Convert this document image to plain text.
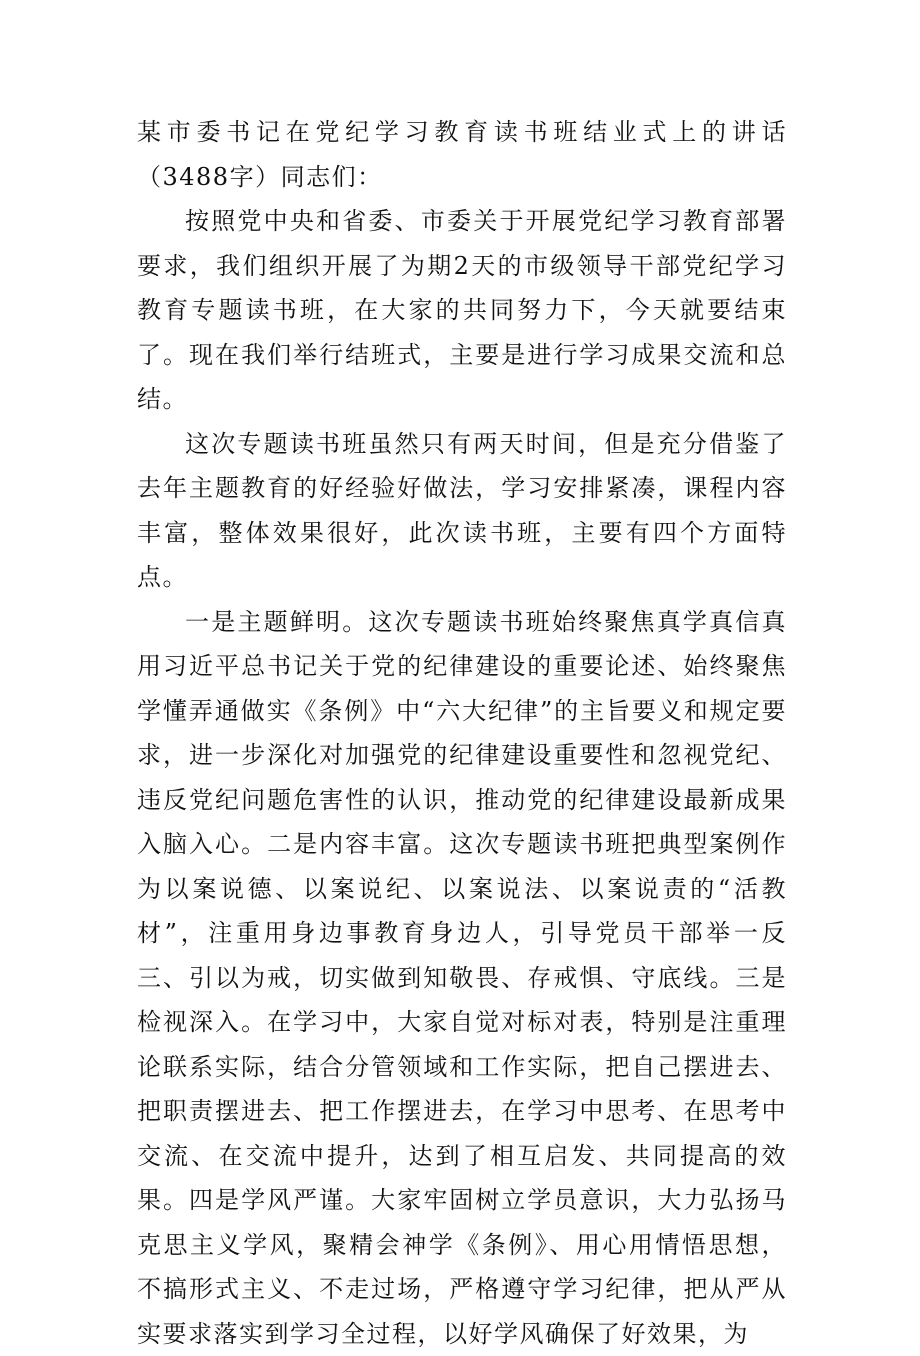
某市委书记在党纪学习教育读书班结业式上的讲话（3488字）同志们：

按照党中央和省委、市委关于开展党纪学习教育部署要求，我们组织开展了为期2天的市级领导干部党纪学习教育专题读书班，在大家的共同努力下，今天就要结束了。现在我们举行结班式，主要是进行学习成果交流和总结。

这次专题读书班虽然只有两天时间，但是充分借鉴了去年主题教育的好经验好做法，学习安排紧凑，课程内容丰富，整体效果很好，此次读书班，主要有四个方面特点。

一是主题鲜明。这次专题读书班始终聚焦真学真信真用习近平总书记关于党的纪律建设的重要论述、始终聚焦学懂弄通做实《条例》中“六大纪律”的主旨要义和规定要求，进一步深化对加强党的纪律建设重要性和忽视党纪、违反党纪问题危害性的认识，推动党的纪律建设最新成果入脑入心。二是内容丰富。这次专题读书班把典型案例作为以案说德、以案说纪、以案说法、以案说责的“活教材”，注重用身边事教育身边人，引导党员干部举一反三、引以为戒，切实做到知敬畏、存戒惧、守底线。三是检视深入。在学习中，大家自觉对标对表，特别是注重理论联系实际，结合分管领域和工作实际，把自己摆进去、把职责摆进去、把工作摆进去，在学习中思考、在思考中交流、在交流中提升，达到了相互启发、共同提高的效果。四是学风严谨。大家牢固树立学员意识，大力弘扬马克思主义学风，聚精会神学《条例》、用心用情悟思想，不搞形式主义、不走过场，严格遵守学习纪律，把从严从实要求落实到学习全过程，以好学风确保了好效果，为
